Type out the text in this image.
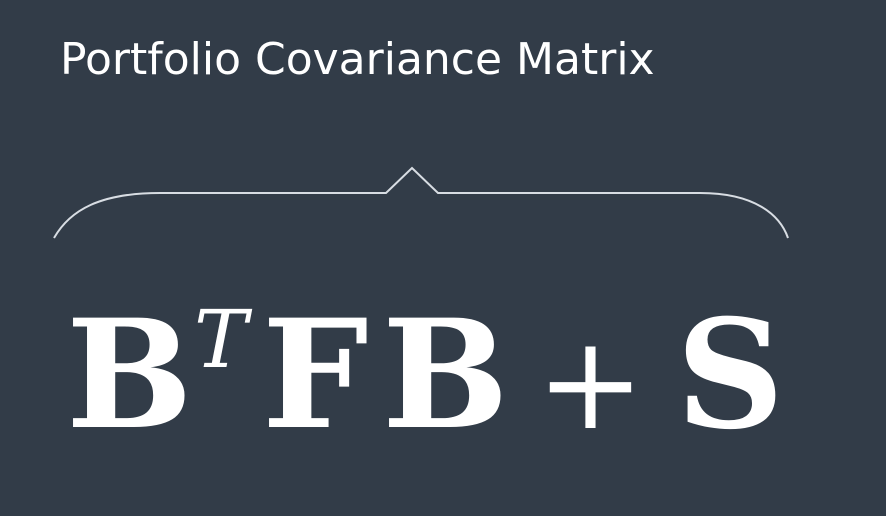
Portfolio Covariance Matrix
B T F B + S
